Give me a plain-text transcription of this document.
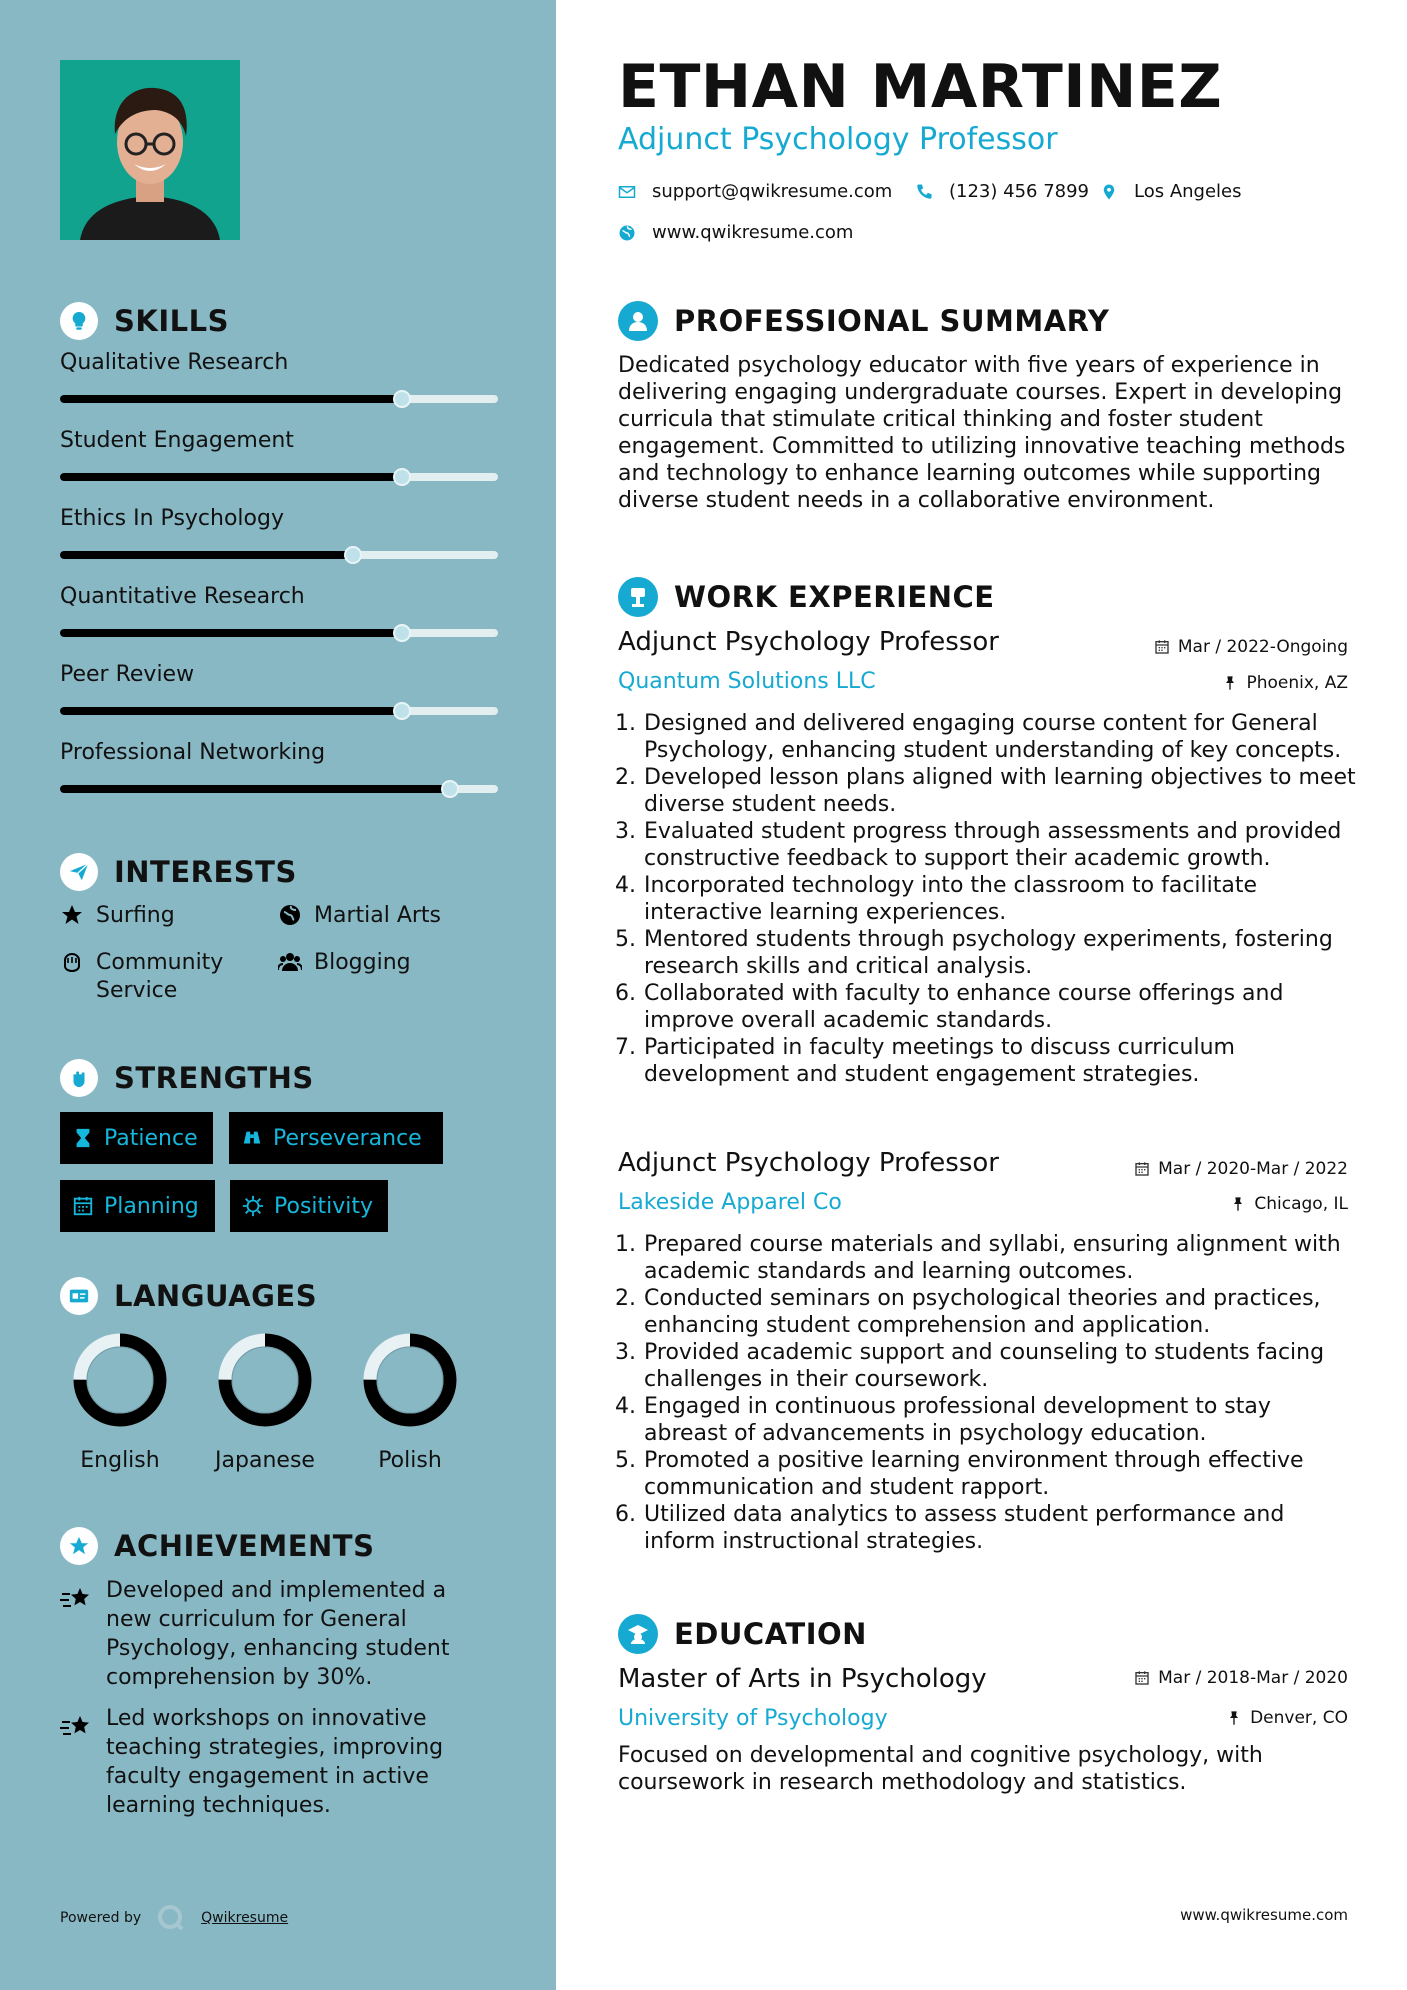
SKILLS
Qualitative Research
Student Engagement
Ethics In Psychology
Quantitative Research
Peer Review
Professional Networking
INTERESTS
Surfing	Martial Arts
Community Service
Blogging
STRENGTHS
Patience	Perseverance
Planning	Positivity
LANGUAGES
English	Japanese	Polish
ACHIEVEMENTS
Developed and implemented a new curriculum for General Psychology, enhancing student comprehension by 30%.
Led workshops on innovative teaching strategies, improving faculty engagement in active learning techniques.
Powered by	Qwikresume
ETHAN MARTINEZ
Adjunct Psychology Professor
support@qwikresume.com	(123) 456 7899 Los Angeles
www.qwikresume.com
PROFESSIONAL SUMMARY
Dedicated psychology educator with five years of experience in delivering engaging undergraduate courses. Expert in developing curricula that stimulate critical thinking and foster student engagement. Committed to utilizing innovative teaching methods and technology to enhance learning outcomes while supporting diverse student needs in a collaborative environment.
WORK EXPERIENCE
Adjunct Psychology Professor	Mar / 2022-Ongoing
Quantum Solutions LLC	Phoenix, AZ
1. Designed and delivered engaging course content for General Psychology, enhancing student understanding of key concepts.
2. Developed lesson plans aligned with learning objectives to meet diverse student needs.
3. Evaluated student progress through assessments and provided constructive feedback to support their academic growth.
4. Incorporated technology into the classroom to facilitate interactive learning experiences.
5. Mentored students through psychology experiments, fostering research skills and critical analysis.
6. Collaborated with faculty to enhance course offerings and improve overall academic standards.
7. Participated in faculty meetings to discuss curriculum development and student engagement strategies.
Adjunct Psychology Professor	Mar / 2020-Mar / 2022
Lakeside Apparel Co	Chicago, IL
1. Prepared course materials and syllabi, ensuring alignment with academic standards and learning outcomes.
2. Conducted seminars on psychological theories and practices, enhancing student comprehension and application.
3. Provided academic support and counseling to students facing challenges in their coursework.
4. Engaged in continuous professional development to stay abreast of advancements in psychology education.
5. Promoted a positive learning environment through effective communication and student rapport.
6. Utilized data analytics to assess student performance and inform instructional strategies.
EDUCATION
Master of Arts in Psychology	Mar / 2018-Mar / 2020
University of Psychology	Denver, CO
Focused on developmental and cognitive psychology, with coursework in research methodology and statistics.
www.qwikresume.com
